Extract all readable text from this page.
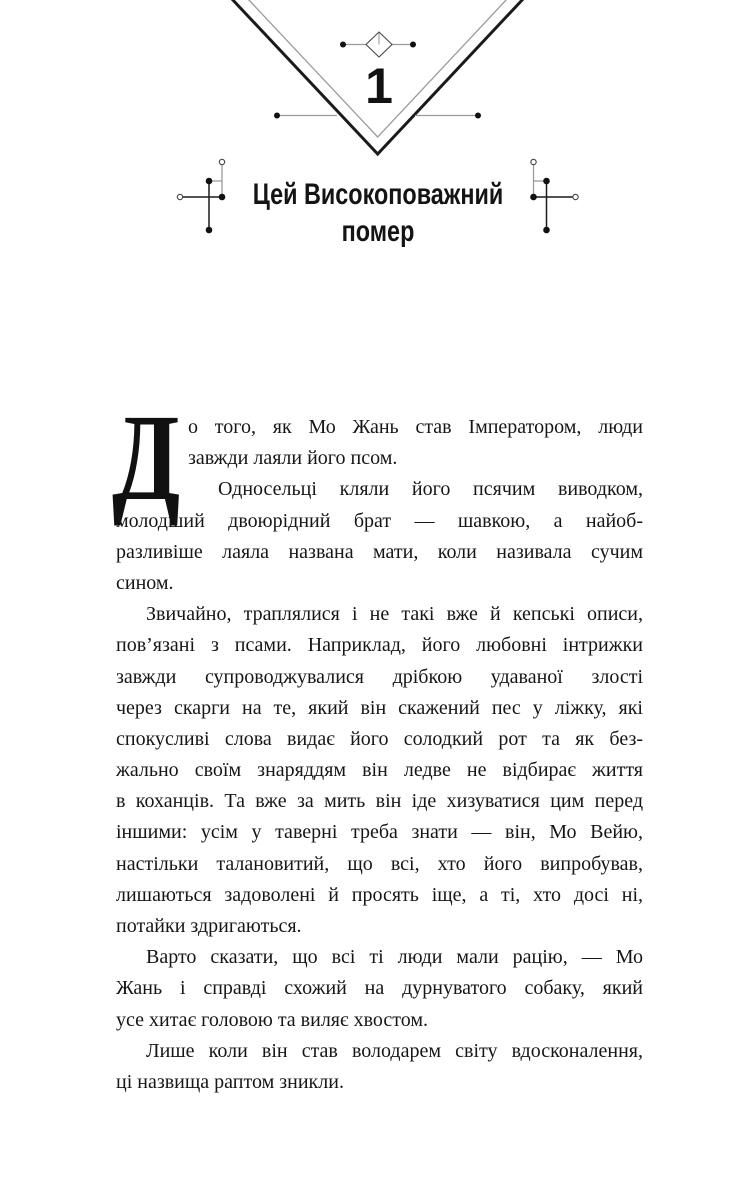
1
Цей Високоповажний
помер
Д о того, як Мо Жань став Імператором, люди
завжди лаяли його псом.
Односельці кляли його псячим виводком,
молодший двоюрідний брат — шавкою, а найоб-
разливіше лаяла названа мати, коли називала сучим
сином.
Звичайно, траплялися і не такі вже й кепські описи,
пов’язані з псами. Наприклад, його любовні інтрижки
завжди супроводжувалися дрібкою удаваної злості
через скарги на те, який він скажений пес у ліжку, які
спокусливі слова видає його солодкий рот та як без-
жально своїм знаряддям він ледве не відбирає життя
в коханців. Та вже за мить він іде хизуватися цим перед
іншими: усім у таверні треба знати — він, Мо Вейю,
настільки талановитий, що всі, хто його випробував,
лишаються задоволені й просять іще, а ті, хто досі ні,
потайки здригаються.
Варто сказати, що всі ті люди мали рацію, — Мо
Жань і справді схожий на дурнуватого собаку, який
усе хитає головою та виляє хвостом.
Лише коли він став володарем світу вдосконалення,
ці назвища раптом зникли.
